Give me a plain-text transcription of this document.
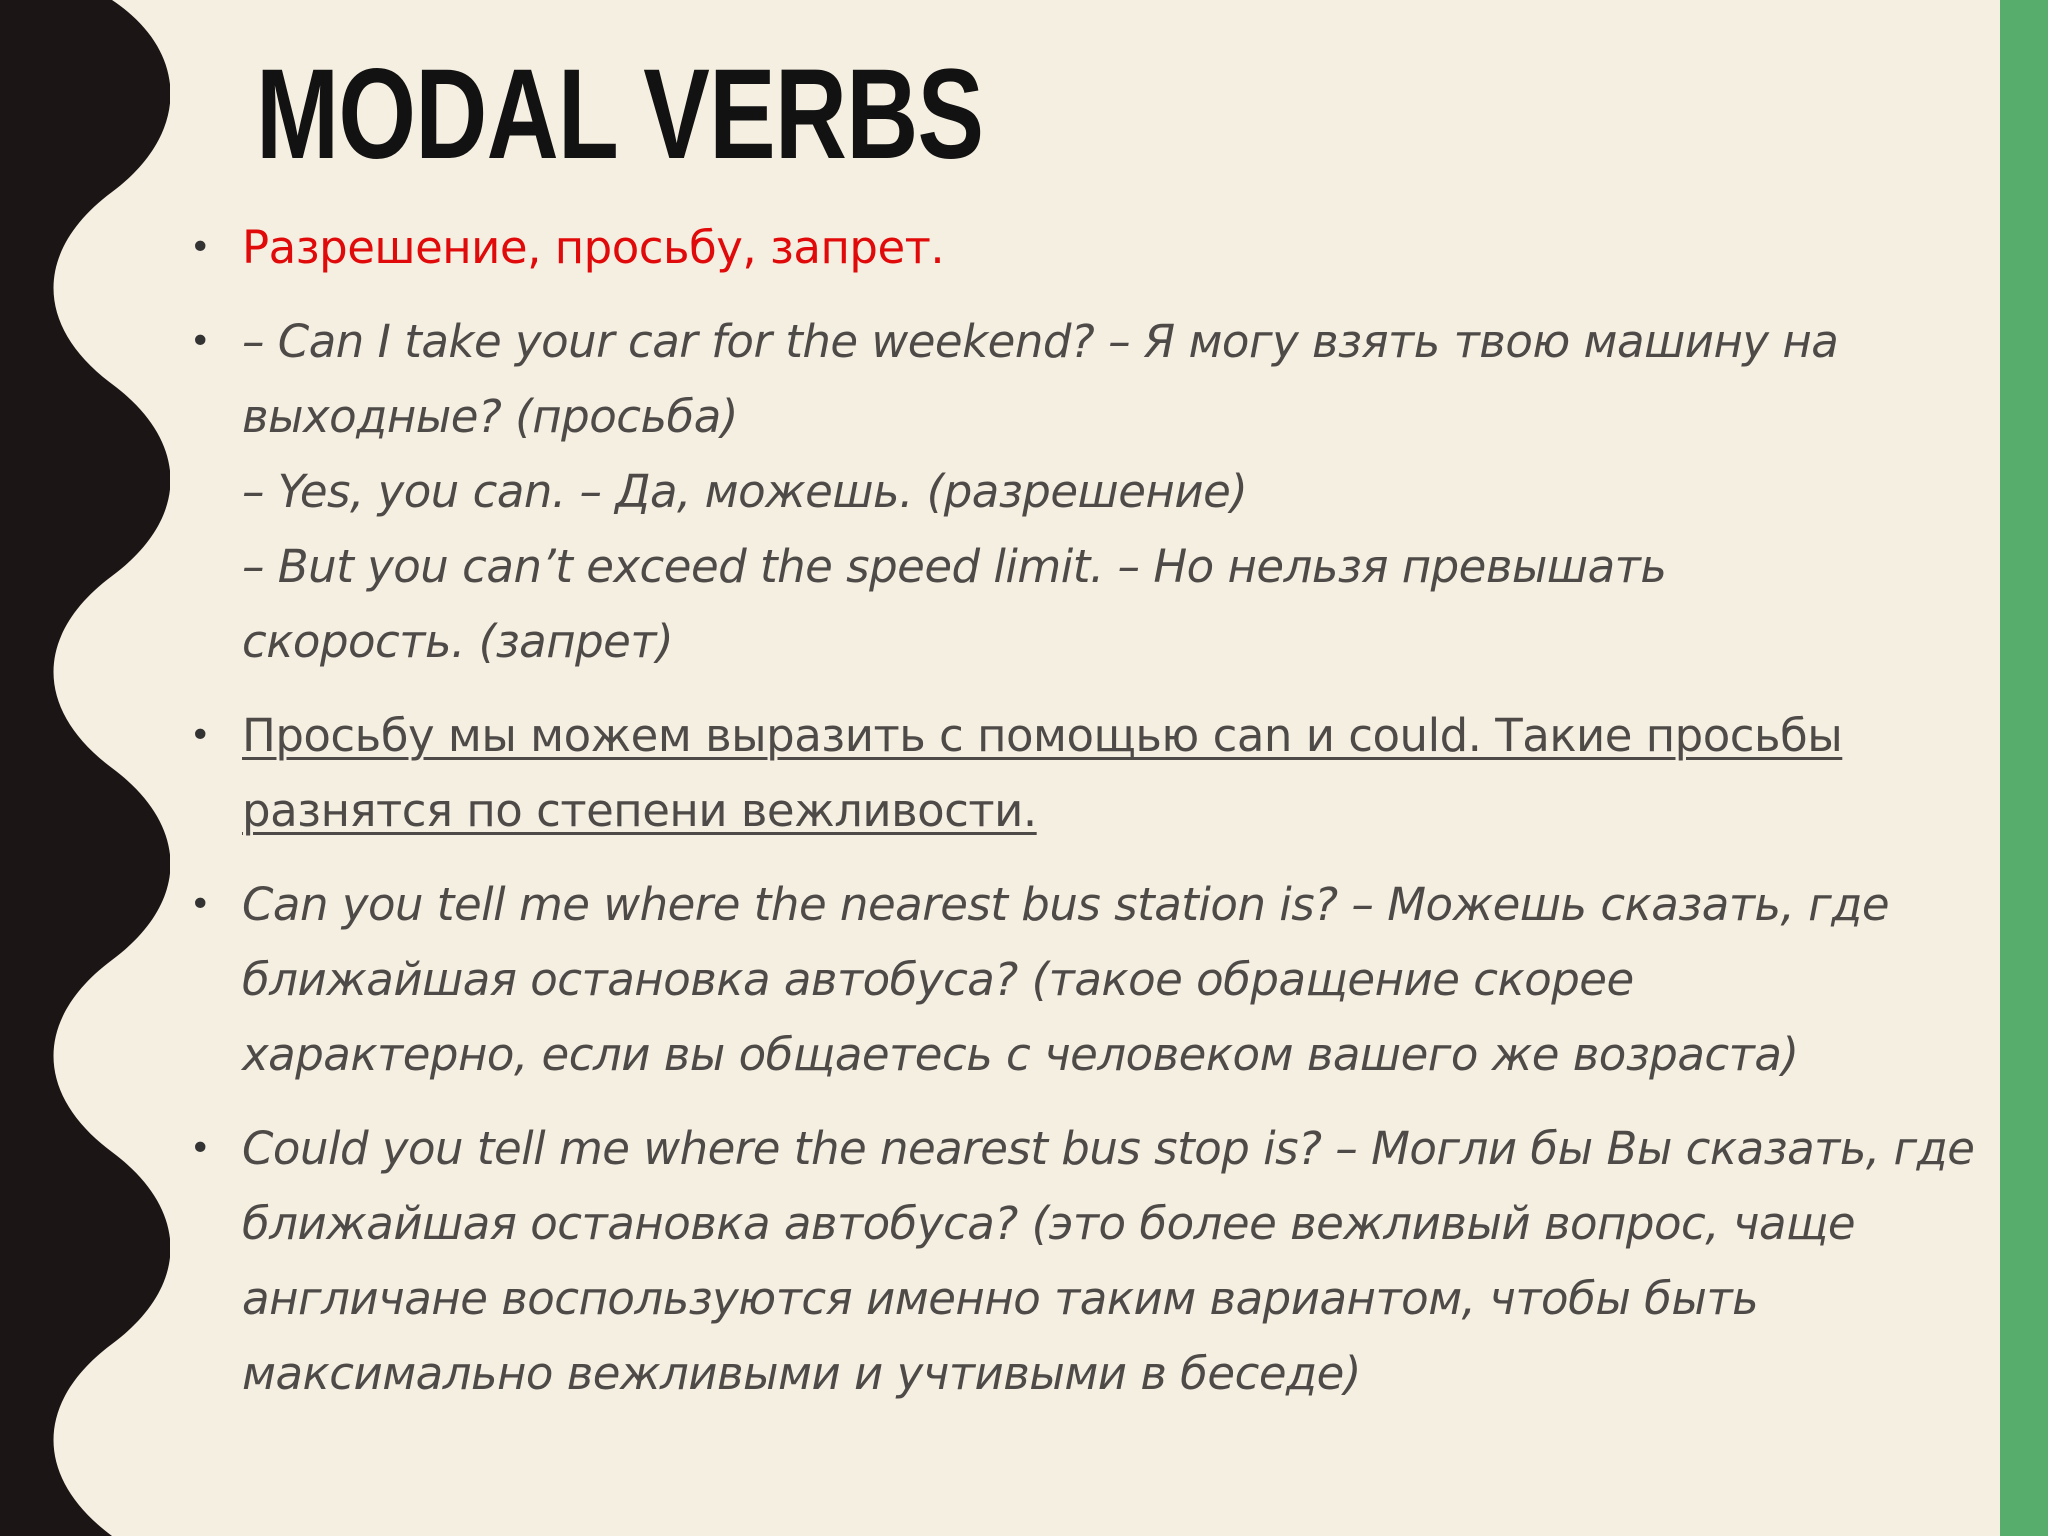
MODAL VERBS
• Разрешение, просьбу, запрет.
• – Can I take your car for the weekend? – Я могу взять твою машину на
выходные? (просьба)
– Yes, you can. – Да, можешь. (разрешение)
– But you can’t exceed the speed limit. – Но нельзя превышать
скорость. (запрет)
• Просьбу мы можем выразить с помощью can и could. Такие просьбы
разнятся по степени вежливости.
• Can you tell me where the nearest bus station is? – Можешь сказать, где
ближайшая остановка автобуса? (такое обращение скорее
характерно, если вы общаетесь с человеком вашего же возраста)
• Could you tell me where the nearest bus stop is? – Могли бы Вы сказать, где
ближайшая остановка автобуса? (это более вежливый вопрос, чаще
англичане воспользуются именно таким вариантом, чтобы быть
максимально вежливыми и учтивыми в беседе)
